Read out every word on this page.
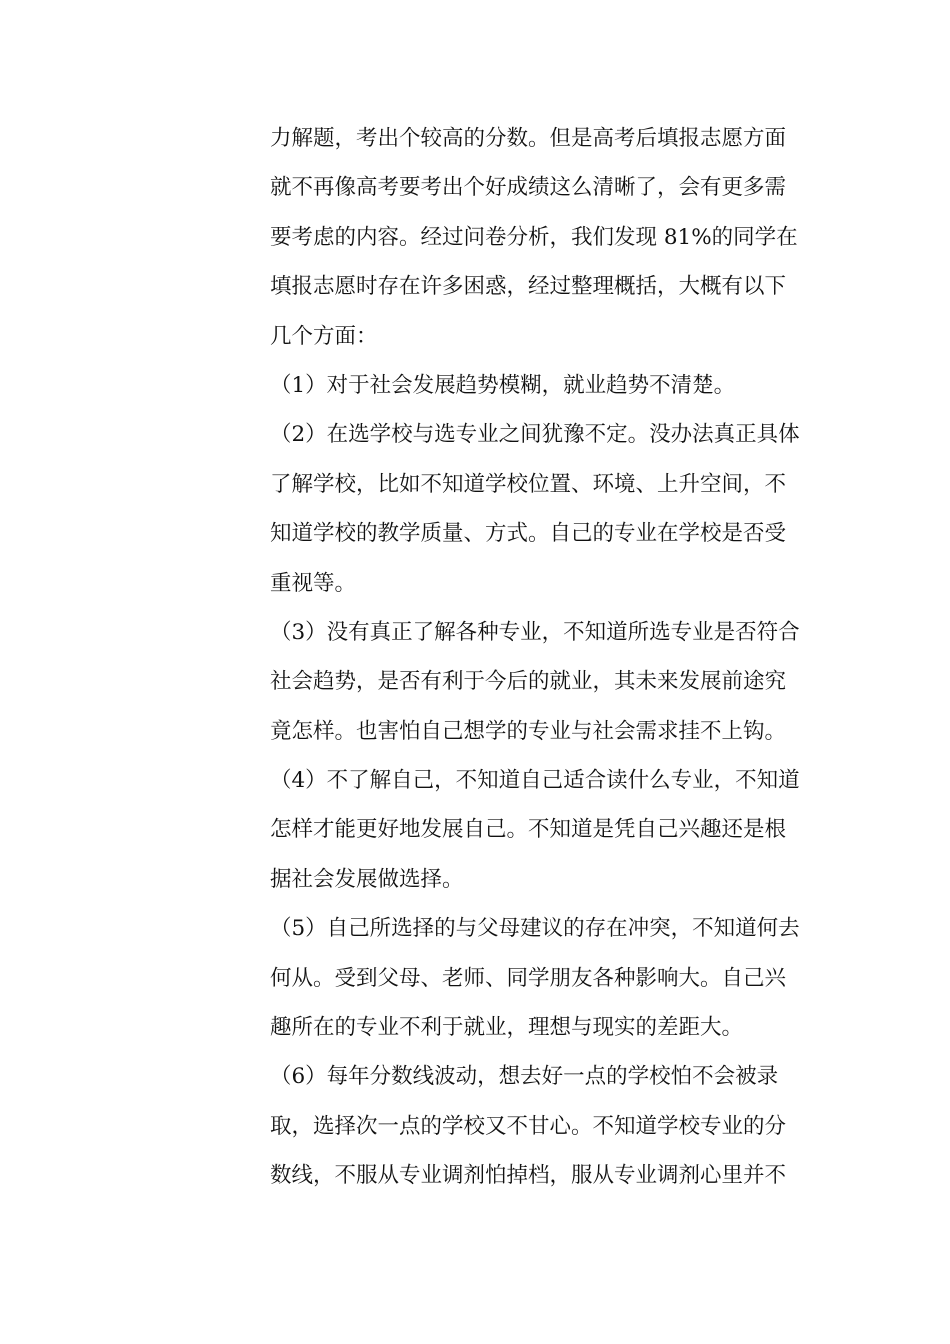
力解题，考出个较高的分数。但是高考后填报志愿方面
就不再像高考要考出个好成绩这么清晰了，会有更多需
要考虑的内容。经过问卷分析，我们发现 81%的同学在
填报志愿时存在许多困惑，经过整理概括，大概有以下
几个方面：
（1）对于社会发展趋势模糊，就业趋势不清楚。
（2）在选学校与选专业之间犹豫不定。没办法真正具体
了解学校，比如不知道学校位置、环境、上升空间，不
知道学校的教学质量、方式。自己的专业在学校是否受
重视等。
（3）没有真正了解各种专业，不知道所选专业是否符合
社会趋势，是否有利于今后的就业，其未来发展前途究
竟怎样。也害怕自己想学的专业与社会需求挂不上钩。
（4）不了解自己，不知道自己适合读什么专业，不知道
怎样才能更好地发展自己。不知道是凭自己兴趣还是根
据社会发展做选择。
（5）自己所选择的与父母建议的存在冲突，不知道何去
何从。受到父母、老师、同学朋友各种影响大。自己兴
趣所在的专业不利于就业，理想与现实的差距大。
（6）每年分数线波动，想去好一点的学校怕不会被录
取，选择次一点的学校又不甘心。不知道学校专业的分
数线，不服从专业调剂怕掉档，服从专业调剂心里并不
